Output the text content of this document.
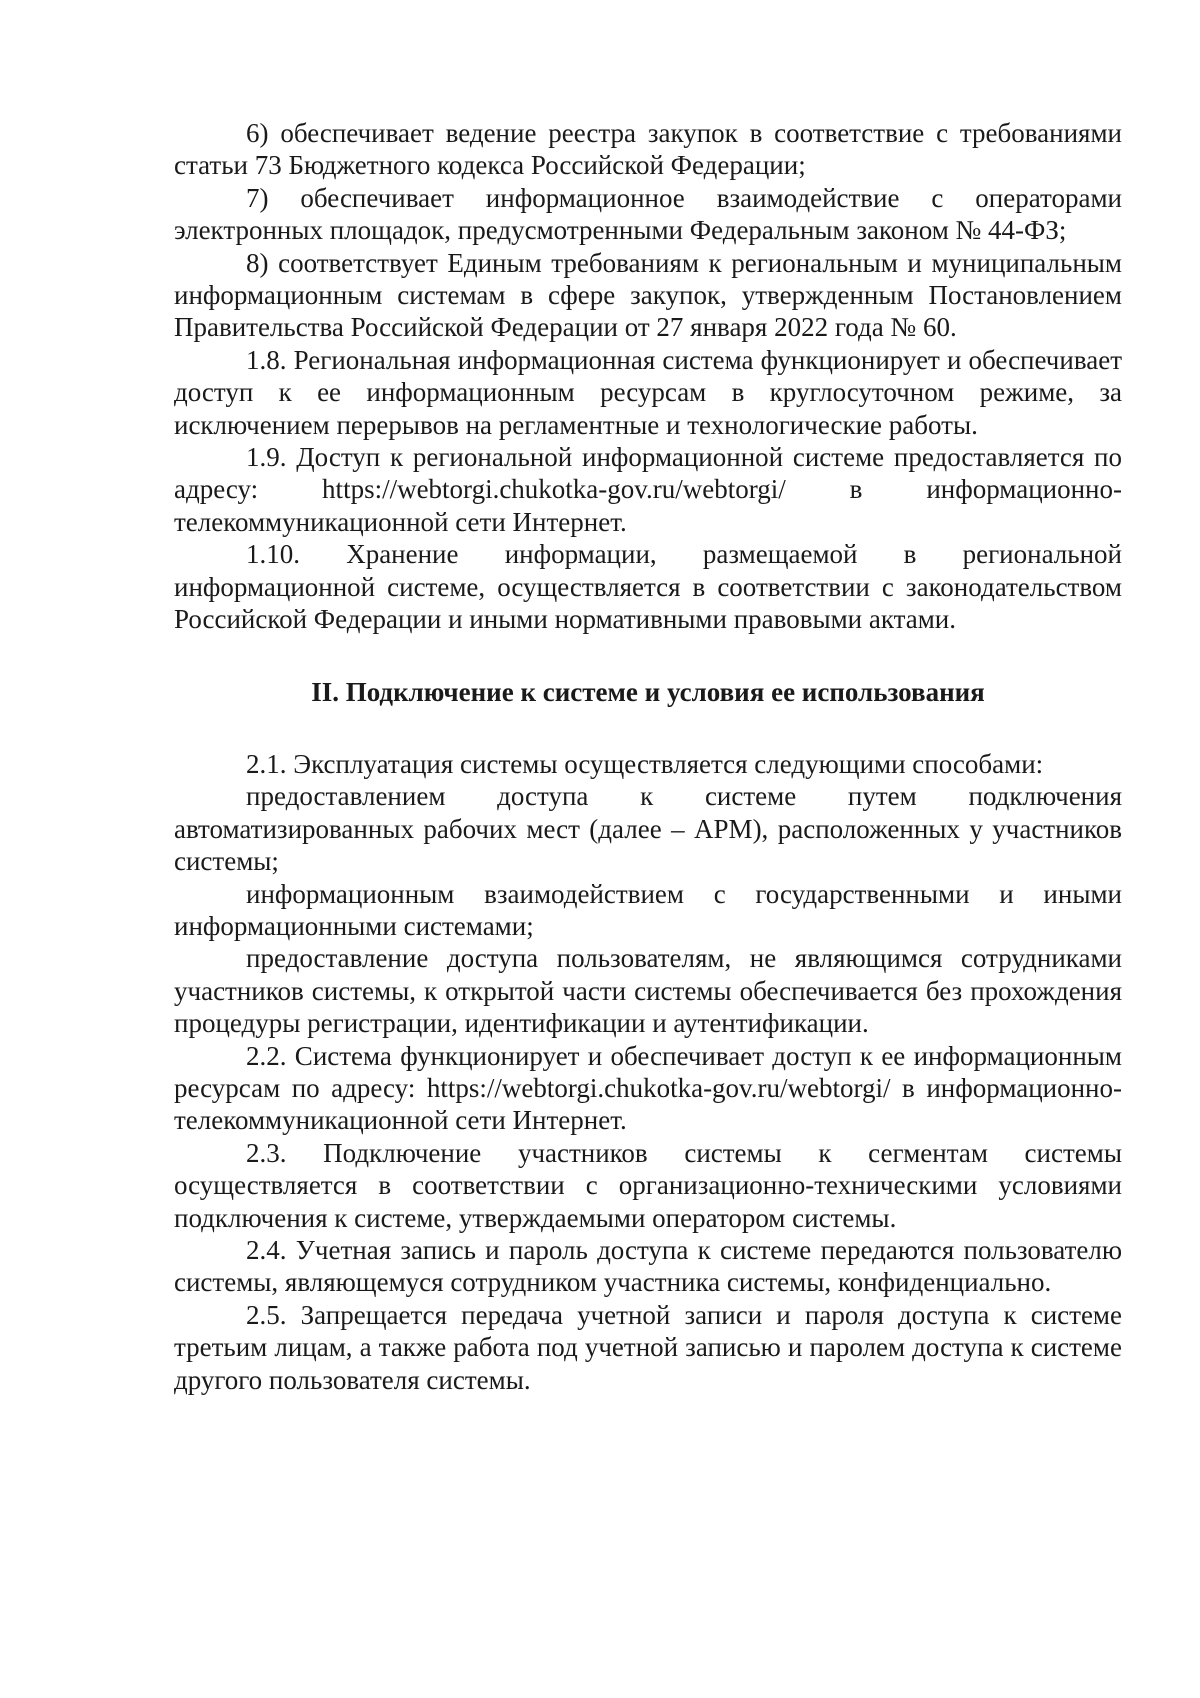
6) обеспечивает ведение реестра закупок в соответствие с требованиями статьи 73 Бюджетного кодекса Российской Федерации;

7) обеспечивает информационное взаимодействие с операторами электронных площадок, предусмотренными Федеральным законом № 44-ФЗ;

8) соответствует Единым требованиям к региональным и муниципальным информационным системам в сфере закупок, утвержденным Постановлением Правительства Российской Федерации от 27 января 2022 года № 60.

1.8. Региональная информационная система функционирует и обеспечивает доступ к ее информационным ресурсам в круглосуточном режиме, за исключением перерывов на регламентные и технологические работы.

1.9. Доступ к региональной информационной системе предоставляется по адресу: https://webtorgi.chukotka-gov.ru/webtorgi/ в информационно-телекоммуникационной сети Интернет.

1.10. Хранение информации, размещаемой в региональной информационной системе, осуществляется в соответствии с законодательством Российской Федерации и иными нормативными правовыми актами.

II. Подключение к системе и условия ее использования

2.1. Эксплуатация системы осуществляется следующими способами:

предоставлением доступа к системе путем подключения автоматизированных рабочих мест (далее – АРМ), расположенных у участников системы;

информационным взаимодействием с государственными и иными информационными системами;

предоставление доступа пользователям, не являющимся сотрудниками участников системы, к открытой части системы обеспечивается без прохождения процедуры регистрации, идентификации и аутентификации.

2.2. Система функционирует и обеспечивает доступ к ее информационным ресурсам по адресу: https://webtorgi.chukotka-gov.ru/webtorgi/ в информационно-телекоммуникационной сети Интернет.

2.3. Подключение участников системы к сегментам системы осуществляется в соответствии с организационно-техническими условиями подключения к системе, утверждаемыми оператором системы.

2.4. Учетная запись и пароль доступа к системе передаются пользователю системы, являющемуся сотрудником участника системы, конфиденциально.

2.5. Запрещается передача учетной записи и пароля доступа к системе третьим лицам, а также работа под учетной записью и паролем доступа к системе другого пользователя системы.
